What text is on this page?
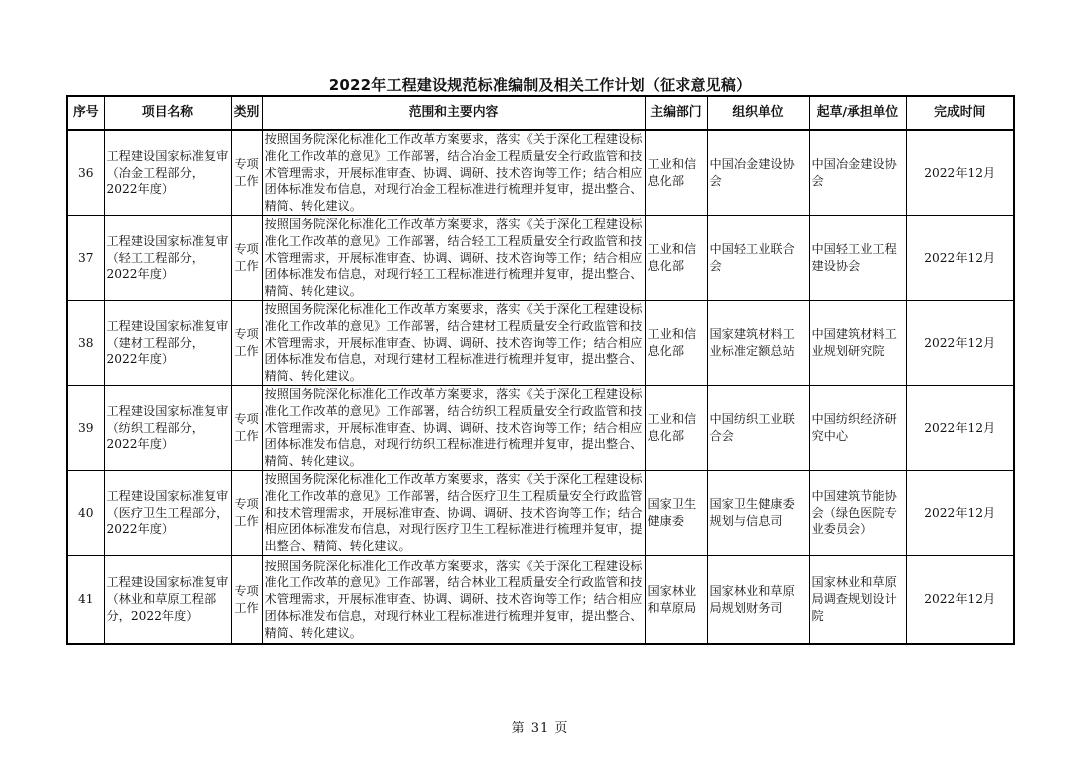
2022年工程建设规范标准编制及相关工作计划（征求意见稿）
序号	项目名称	类别	范围和主要内容	主编部门	组织单位	起草/承担单位	完成时间
36	工程建设国家标准复审（冶金工程部分，2022年度）	专项工作	按照国务院深化标准化工作改革方案要求，落实《关于深化工程建设标准化工作改革的意见》工作部署，结合冶金工程质量安全行政监管和技术管理需求，开展标准审查、协调、调研、技术咨询等工作；结合相应团体标准发布信息，对现行冶金工程标准进行梳理并复审，提出整合、精简、转化建议。	工业和信息化部	中国冶金建设协会	中国冶金建设协会	2022年12月
37	工程建设国家标准复审（轻工工程部分，2022年度）	专项工作	按照国务院深化标准化工作改革方案要求，落实《关于深化工程建设标准化工作改革的意见》工作部署，结合轻工工程质量安全行政监管和技术管理需求，开展标准审查、协调、调研、技术咨询等工作；结合相应团体标准发布信息，对现行轻工工程标准进行梳理并复审，提出整合、精简、转化建议。	工业和信息化部	中国轻工业联合会	中国轻工业工程建设协会	2022年12月
38	工程建设国家标准复审（建材工程部分，2022年度）	专项工作	按照国务院深化标准化工作改革方案要求，落实《关于深化工程建设标准化工作改革的意见》工作部署，结合建材工程质量安全行政监管和技术管理需求，开展标准审查、协调、调研、技术咨询等工作；结合相应团体标准发布信息，对现行建材工程标准进行梳理并复审，提出整合、精简、转化建议。	工业和信息化部	国家建筑材料工业标准定额总站	中国建筑材料工业规划研究院	2022年12月
39	工程建设国家标准复审（纺织工程部分，2022年度）	专项工作	按照国务院深化标准化工作改革方案要求，落实《关于深化工程建设标准化工作改革的意见》工作部署，结合纺织工程质量安全行政监管和技术管理需求，开展标准审查、协调、调研、技术咨询等工作；结合相应团体标准发布信息，对现行纺织工程标准进行梳理并复审，提出整合、精简、转化建议。	工业和信息化部	中国纺织工业联合会	中国纺织经济研究中心	2022年12月
40	工程建设国家标准复审（医疗卫生工程部分，2022年度）	专项工作	按照国务院深化标准化工作改革方案要求，落实《关于深化工程建设标准化工作改革的意见》工作部署，结合医疗卫生工程质量安全行政监管和技术管理需求，开展标准审查、协调、调研、技术咨询等工作；结合相应团体标准发布信息，对现行医疗卫生工程标准进行梳理并复审，提出整合、精简、转化建议。	国家卫生健康委	国家卫生健康委规划与信息司	中国建筑节能协会（绿色医院专业委员会）	2022年12月
41	工程建设国家标准复审（林业和草原工程部分，2022年度）	专项工作	按照国务院深化标准化工作改革方案要求，落实《关于深化工程建设标准化工作改革的意见》工作部署，结合林业工程质量安全行政监管和技术管理需求，开展标准审查、协调、调研、技术咨询等工作；结合相应团体标准发布信息，对现行林业工程标准进行梳理并复审，提出整合、精简、转化建议。	国家林业和草原局	国家林业和草原局规划财务司	国家林业和草原局调查规划设计院	2022年12月
第 31 页
